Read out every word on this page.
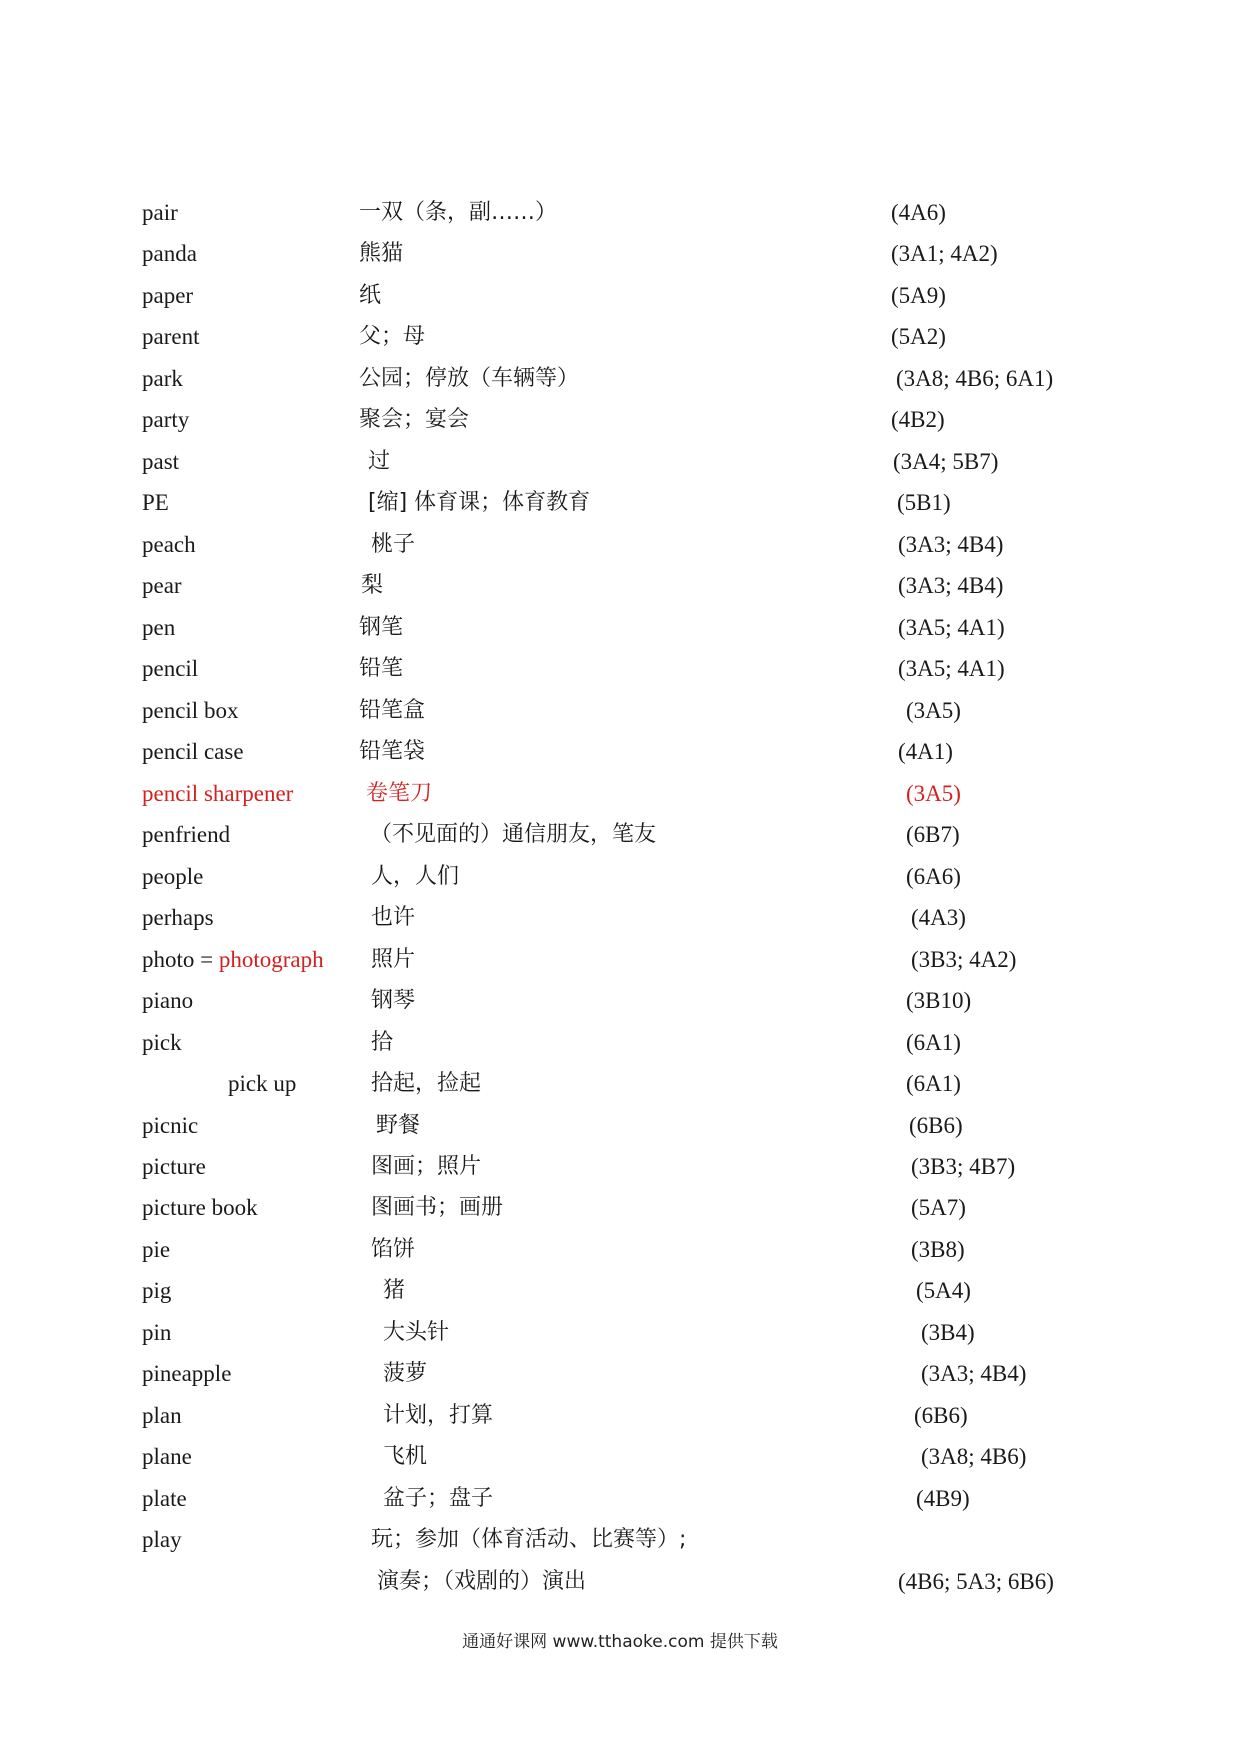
pair	一双（条，副……）	(4A6)
panda	熊猫	(3A1; 4A2)
paper	纸	(5A9)
parent	父；母	(5A2)
park	公园；停放（车辆等）	(3A8; 4B6; 6A1)
party	聚会；宴会	(4B2)
past	过	(3A4; 5B7)
PE	[缩] 体育课；体育教育	(5B1)
peach	桃子	(3A3; 4B4)
pear	梨	(3A3; 4B4)
pen	钢笔	(3A5; 4A1)
pencil	铅笔	(3A5; 4A1)
pencil box	铅笔盒	(3A5)
pencil case	铅笔袋	(4A1)
pencil sharpener	卷笔刀	(3A5)
penfriend	（不见面的）通信朋友，笔友	(6B7)
people	人，人们	(6A6)
perhaps	也许	(4A3)
photo = photograph 照片	(3B3; 4A2)
piano	钢琴	(3B10)
pick	拾	(6A1)
pick up	拾起，捡起	(6A1)
picnic	野餐	(6B6)
picture	图画；照片	(3B3; 4B7)
picture book	图画书；画册	(5A7)
pie	馅饼	(3B8)
pig	猪	(5A4)
pin	大头针	(3B4)
pineapple	菠萝	(3A3; 4B4)
plan	计划，打算	(6B6)
plane	飞机	(3A8; 4B6)
plate	盆子；盘子	(4B9)
play	玩；参加（体育活动、比赛等）;
演奏；（戏剧的）演出	(4B6; 5A3; 6B6)
通通好课网 www.tthaoke.com 提供下载
